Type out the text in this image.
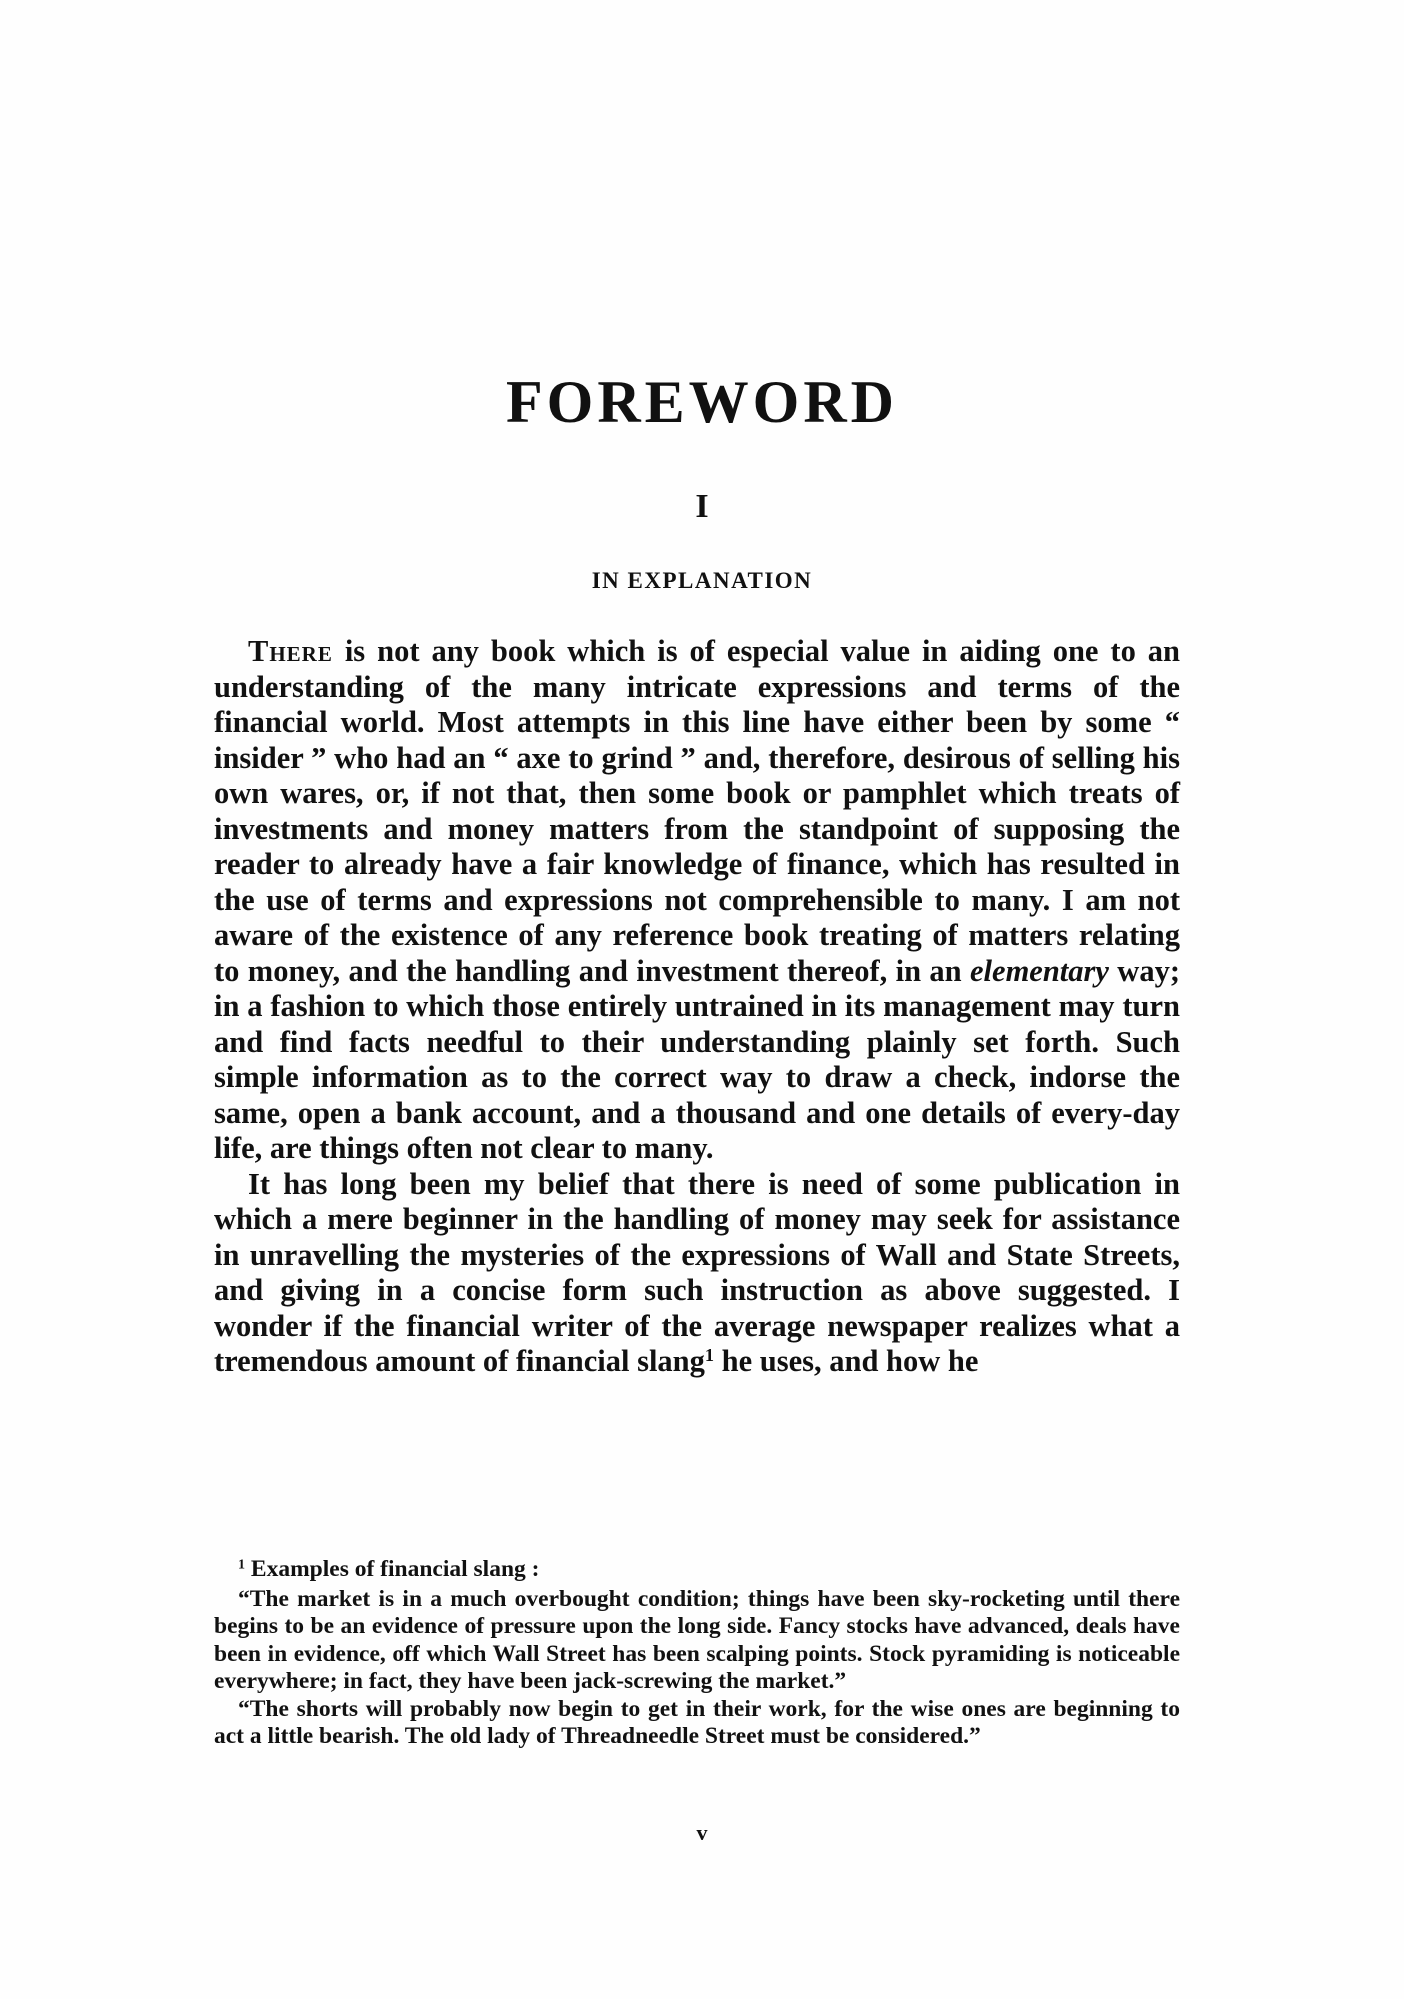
FOREWORD
I
IN EXPLANATION

There is not any book which is of especial value in aiding one to an understanding of the many intricate expressions and terms of the financial world. Most attempts in this line have either been by some “ insider ” who had an “ axe to grind ” and, therefore, desirous of selling his own wares, or, if not that, then some book or pamphlet which treats of investments and money matters from the standpoint of supposing the reader to already have a fair knowledge of finance, which has resulted in the use of terms and expressions not comprehensible to many. I am not aware of the existence of any reference book treating of matters relating to money, and the handling and investment thereof, in an elementary way; in a fashion to which those entirely untrained in its management may turn and find facts needful to their understanding plainly set forth. Such simple information as to the correct way to draw a check, indorse the same, open a bank account, and a thousand and one details of every-day life, are things often not clear to many.

It has long been my belief that there is need of some publication in which a mere beginner in the handling of money may seek for assistance in unravelling the mysteries of the expressions of Wall and State Streets, and giving in a concise form such instruction as above suggested. I wonder if the financial writer of the average newspaper realizes what a tremendous amount of financial slang$^1$ he uses, and how he

$^1$ Examples of financial slang :

“The market is in a much overbought condition; things have been sky-rocketing until there begins to be an evidence of pressure upon the long side. Fancy stocks have advanced, deals have been in evidence, off which Wall Street has been scalping points. Stock pyramiding is noticeable everywhere; in fact, they have been jack-screwing the market.”

“The shorts will probably now begin to get in their work, for the wise ones are beginning to act a little bearish. The old lady of Threadneedle Street must be considered.”

v
